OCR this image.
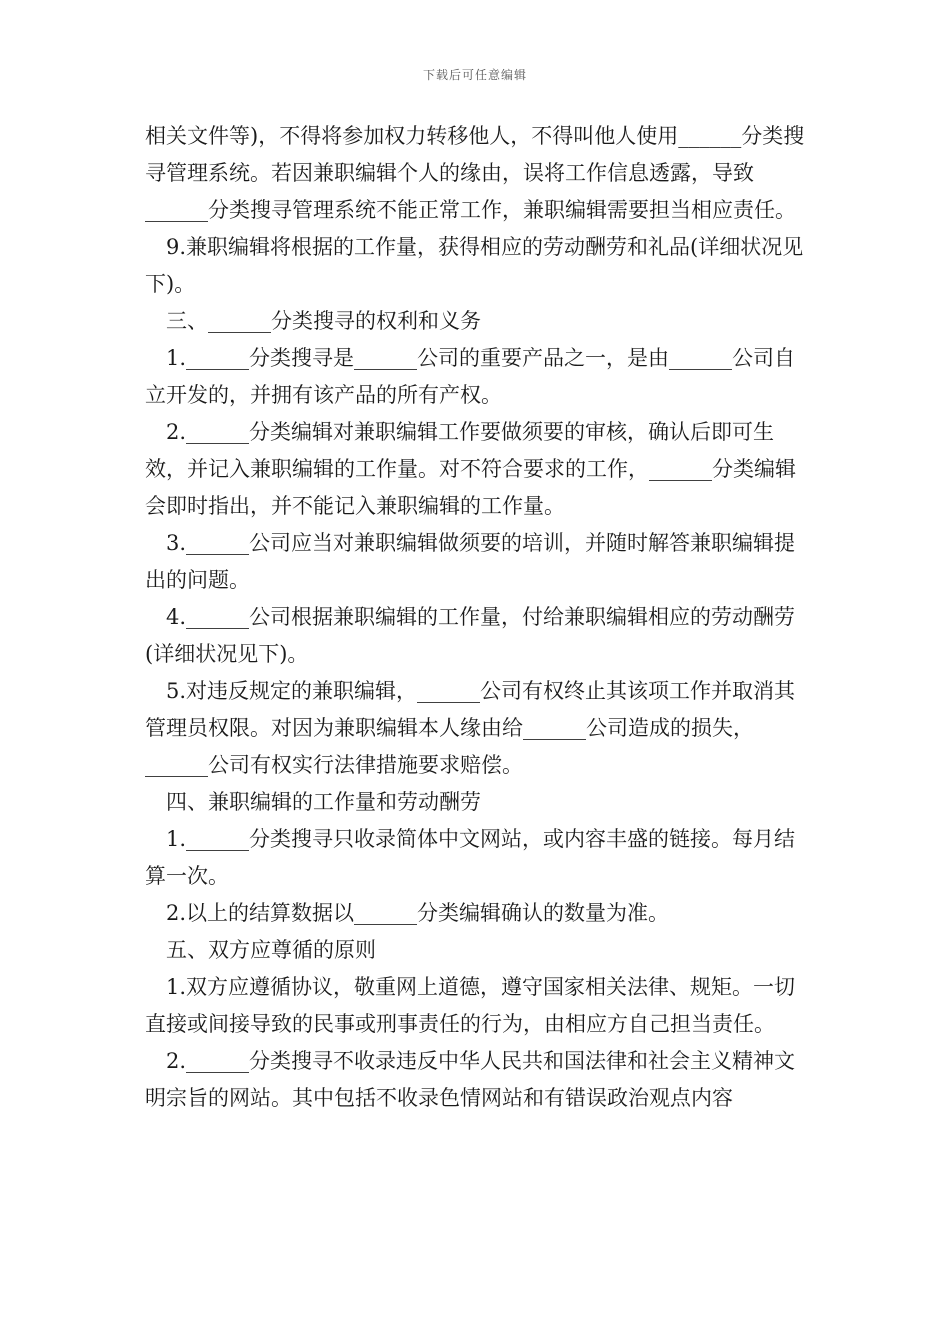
下载后可任意编辑

相关文件等)，不得将参加权力转移他人，不得叫他人使用______分类搜寻管理系统。若因兼职编辑个人的缘由，误将工作信息透露，导致______分类搜寻管理系统不能正常工作，兼职编辑需要担当相应责任。

9.兼职编辑将根据的工作量，获得相应的劳动酬劳和礼品(详细状况见下)。

三、______分类搜寻的权利和义务

1.______分类搜寻是______公司的重要产品之一，是由______公司自立开发的，并拥有该产品的所有产权。

2.______分类编辑对兼职编辑工作要做须要的审核，确认后即可生效，并记入兼职编辑的工作量。对不符合要求的工作，______分类编辑会即时指出，并不能记入兼职编辑的工作量。

3.______公司应当对兼职编辑做须要的培训，并随时解答兼职编辑提出的问题。

4.______公司根据兼职编辑的工作量，付给兼职编辑相应的劳动酬劳(详细状况见下)。

5.对违反规定的兼职编辑，______公司有权终止其该项工作并取消其管理员权限。对因为兼职编辑本人缘由给______公司造成的损失，______公司有权实行法律措施要求赔偿。

四、兼职编辑的工作量和劳动酬劳

1.______分类搜寻只收录简体中文网站，或内容丰盛的链接。每月结算一次。

2.以上的结算数据以______分类编辑确认的数量为准。

五、双方应尊循的原则

1.双方应遵循协议，敬重网上道德，遵守国家相关法律、规矩。一切直接或间接导致的民事或刑事责任的行为，由相应方自己担当责任。

2.______分类搜寻不收录违反中华人民共和国法律和社会主义精神文明宗旨的网站。其中包括不收录色情网站和有错误政治观点内容
